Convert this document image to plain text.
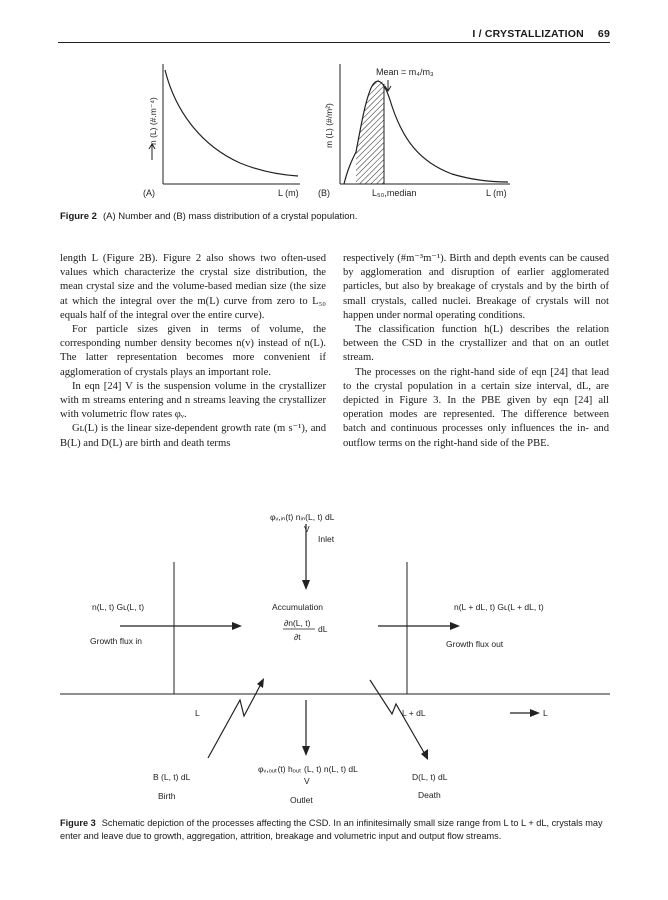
I / CRYSTALLIZATION 69
n (L) (#.m⁻⁴)
(A)	L (m)
Mean = m₄/m₃
m (L) (#/m²)
(B)	L₅₀,median	L (m)
Figure 2 (A) Number and (B) mass distribution of a crystal population.

length L (Figure 2B). Figure 2 also shows two often-used values which characterize the crystal size distribution, the mean crystal size and the volume-based median size (the size at which the integral over the m(L) curve from zero to L₅₀ equals half of the integral over the entire curve).

For particle sizes given in terms of volume, the corresponding number density becomes n(v) instead of n(L). The latter representation becomes more convenient if agglomeration of crystals plays an important role.

In eqn [24] V is the suspension volume in the crystallizer with m streams entering and n streams leaving the crystallizer with volumetric flow rates φᵥ.

Gʟ(L) is the linear size-dependent growth rate (m s⁻¹), and B(L) and D(L) are birth and death terms

respectively (#m⁻³m⁻¹). Birth and depth events can be caused by agglomeration and disruption of earlier agglomerated particles, but also by breakage of crystals and by the birth of small crystals, called nuclei. Breakage of crystals will not happen under normal operating conditions.

The classification function h(L) describes the relation between the CSD in the crystallizer and that on an outlet stream.

The processes on the right-hand side of eqn [24] that lead to the crystal population in a certain size interval, dL, are depicted in Figure 3. In the PBE given by eqn [24] all operation modes are represented. The difference between batch and continuous processes only influences the in- and outflow terms on the right-hand side of the PBE.

φᵥ,ᵢₙ(t) nᵢₙ(L, t) dL
V
Inlet
Accumulation
∂n(L, t)
dL
∂t
n(L, t) Gʟ(L, t)
Growth flux in
n(L + dL, t) Gʟ(L + dL, t)
Growth flux out
L
L	L + dL
B (L, t) dL
Birth
D(L, t) dL
Death
φᵥ,ₒᵤₜ(t) hₒᵤₜ (L, t) n(L, t) dL
V
Outlet
Figure 3 Schematic depiction of the processes affecting the CSD. In an infinitesimally small size range from L to L + dL, crystals may enter and leave due to growth, aggregation, attrition, breakage and volumetric input and output flow streams.
